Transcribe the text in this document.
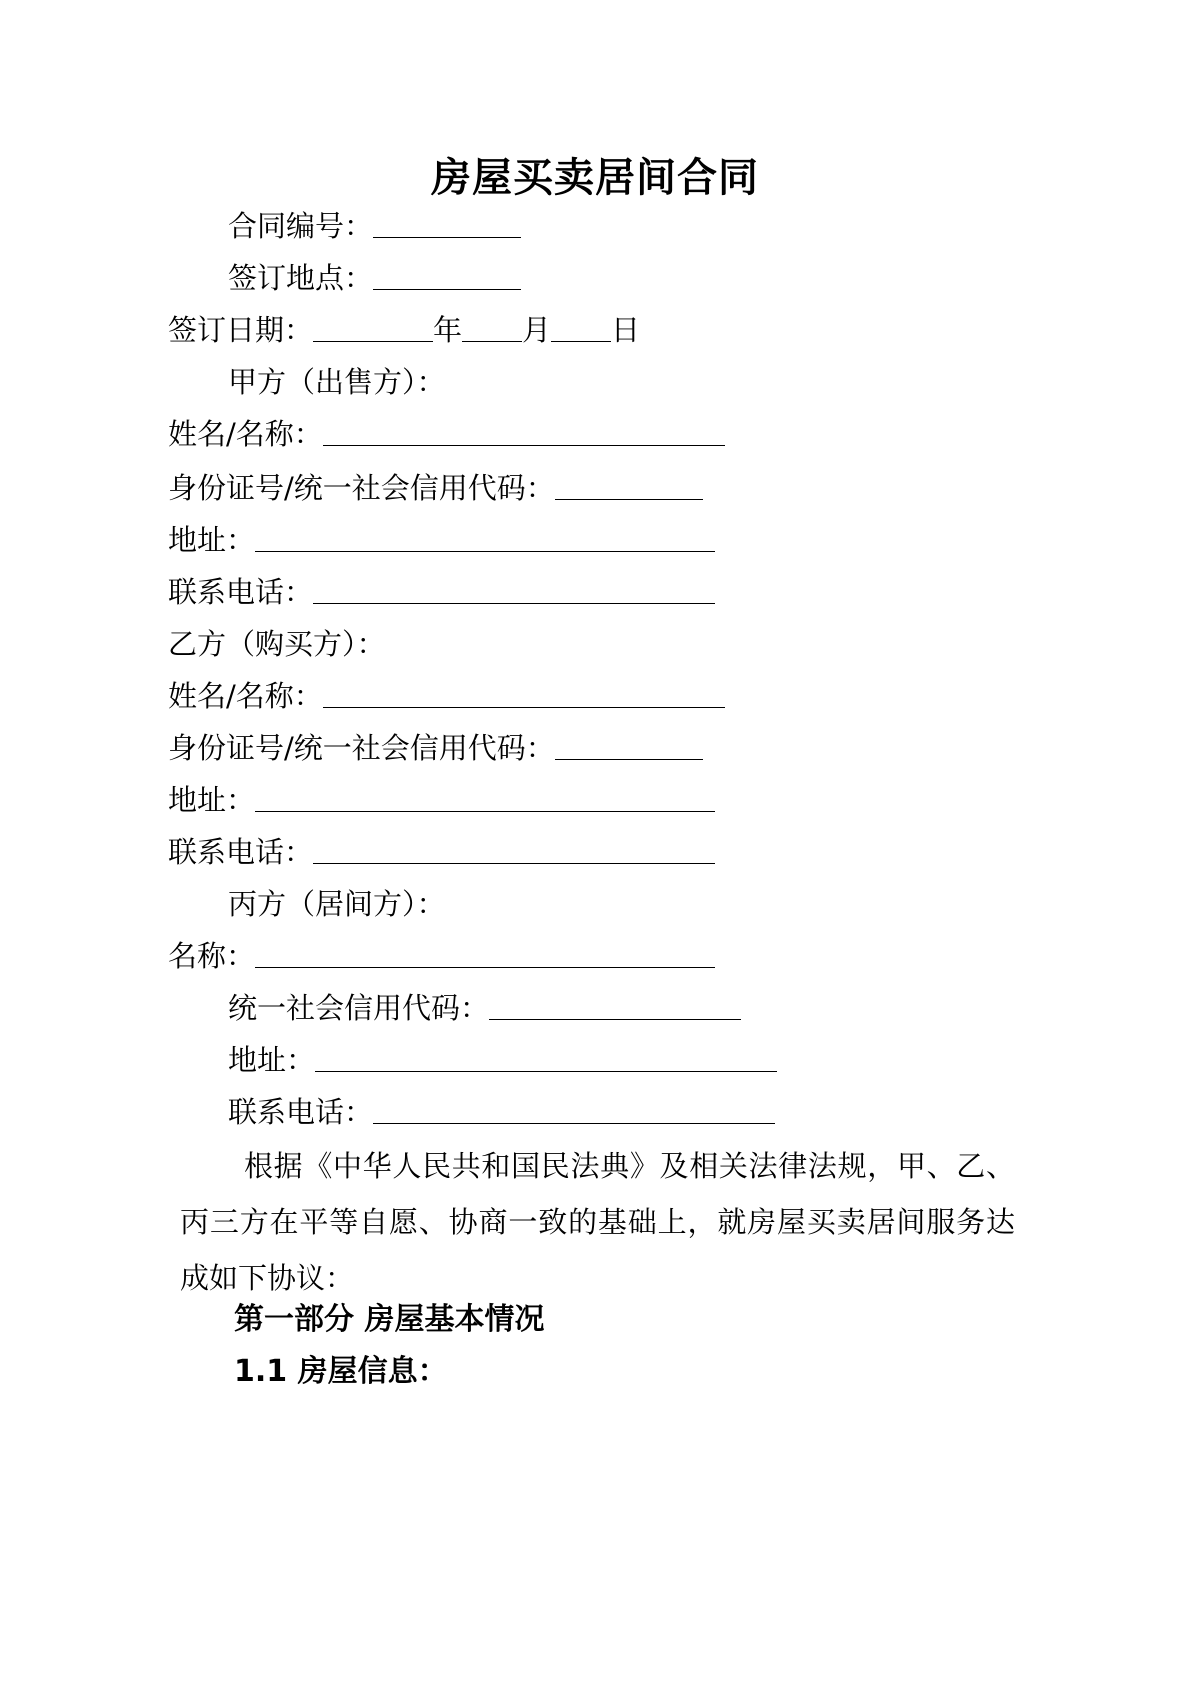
房屋买卖居间合同
合同编号：
签订地点：
签订日期：	年 月 日
甲方（出售方）：
姓名/名称：
身份证号/统一社会信用代码：
地址：
联系电话：
乙方（购买方）：
姓名/名称：
身份证号/统一社会信用代码：
地址：
联系电话：
丙方（居间方）：
名称：
统一社会信用代码：
地址：
联系电话：
根据《中华人民共和国民法典》及相关法律法规，甲、乙、丙三方在平等自愿、协商一致的基础上，就房屋买卖居间服务达成如下协议：
第一部分 房屋基本情况
1.1 房屋信息：
